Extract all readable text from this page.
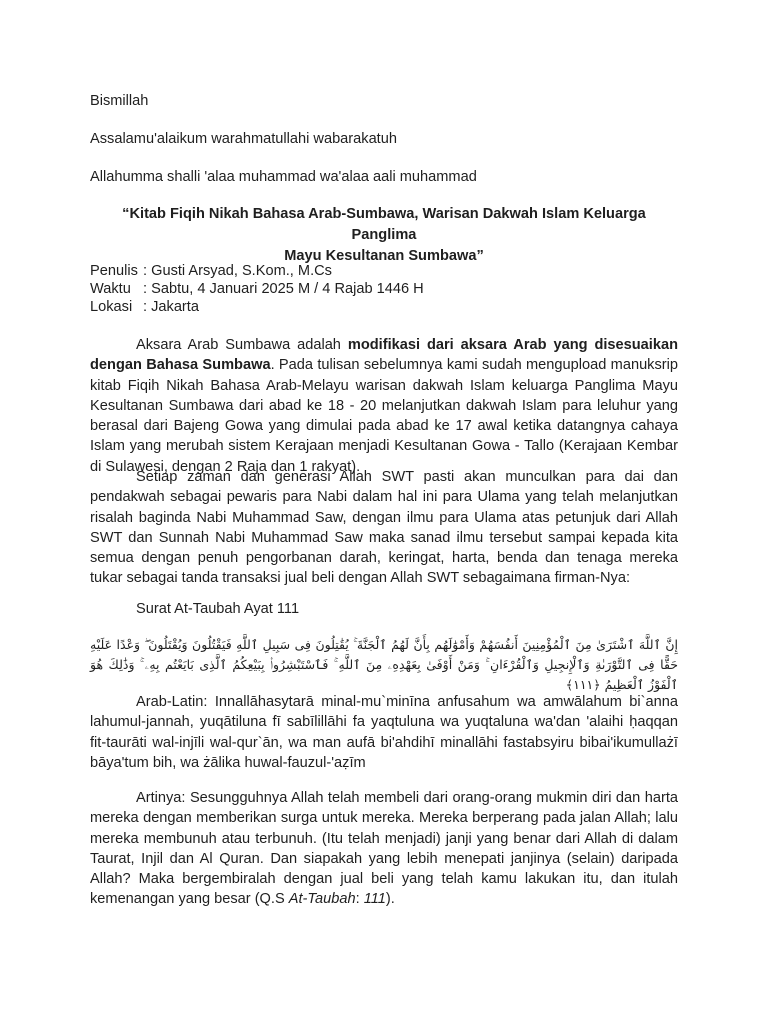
Bismillah
Assalamu'alaikum warahmatullahi wabarakatuh
Allahumma shalli 'alaa muhammad wa'alaa aali muhammad
“Kitab Fiqih Nikah Bahasa Arab-Sumbawa, Warisan Dakwah Islam Keluarga Panglima
Mayu Kesultanan Sumbawa”
Penulis : Gusti Arsyad, S.Kom., M.Cs
Waktu : Sabtu, 4 Januari 2025 M / 4 Rajab 1446 H
Lokasi : Jakarta
Aksara Arab Sumbawa adalah modifikasi dari aksara Arab yang disesuaikan dengan Bahasa Sumbawa. Pada tulisan sebelumnya kami sudah mengupload manuksrip kitab Fiqih Nikah Bahasa Arab-Melayu warisan dakwah Islam keluarga Panglima Mayu Kesultanan Sumbawa dari abad ke 18 - 20 melanjutkan dakwah Islam para leluhur yang berasal dari Bajeng Gowa yang dimulai pada abad ke 17 awal ketika datangnya cahaya Islam yang merubah sistem Kerajaan menjadi Kesultanan Gowa - Tallo (Kerajaan Kembar di Sulawesi, dengan 2 Raja dan 1 rakyat).
Setiap zaman dan generasi Allah SWT pasti akan munculkan para dai dan pendakwah sebagai pewaris para Nabi dalam hal ini para Ulama yang telah melanjutkan risalah baginda Nabi Muhammad Saw, dengan ilmu para Ulama atas petunjuk dari Allah SWT dan Sunnah Nabi Muhammad Saw maka sanad ilmu tersebut sampai kepada kita semua dengan penuh pengorbanan darah, keringat, harta, benda dan tenaga mereka tukar sebagai tanda transaksi jual beli dengan Allah SWT sebagaimana firman-Nya:
Surat At-Taubah Ayat 111
إِنَّ ٱللَّهَ ٱشْتَرَىٰ مِنَ ٱلْمُؤْمِنِينَ أَنفُسَهُمْ وَأَمْوَٰلَهُم بِأَنَّ لَهُمُ ٱلْجَنَّةَ ۚ يُقَٰتِلُونَ فِى سَبِيلِ ٱللَّهِ فَيَقْتُلُونَ وَيُقْتَلُونَ ۖ وَعْدًا عَلَيْهِ حَقًّا فِى ٱلتَّوْرَىٰةِ وَٱلْإِنجِيلِ وَٱلْقُرْءَانِ ۚ وَمَنْ أَوْفَىٰ بِعَهْدِهِۦ مِنَ ٱللَّهِ ۚ فَٱسْتَبْشِرُوا۟ بِبَيْعِكُمُ ٱلَّذِى بَايَعْتُم بِهِۦ ۚ وَذَٰلِكَ هُوَ ٱلْفَوْزُ ٱلْعَظِيمُ ﴿١١١﴾
Arab-Latin: Innallāhasytarā minal-mu`minīna anfusahum wa amwālahum bi`anna lahumul-jannah, yuqātiluna fī sabīlillāhi fa yaqtuluna wa yuqtaluna wa'dan 'alaihi ḥaqqan fit-taurāti wal-injīli wal-qur`ān, wa man aufā bi'ahdihī minallāhi fastabsyiru bibai'ikumullażī bāya'tum bih, wa żālika huwal-fauzul-'aẓīm
Artinya: Sesungguhnya Allah telah membeli dari orang-orang mukmin diri dan harta mereka dengan memberikan surga untuk mereka. Mereka berperang pada jalan Allah; lalu mereka membunuh atau terbunuh. (Itu telah menjadi) janji yang benar dari Allah di dalam Taurat, Injil dan Al Quran. Dan siapakah yang lebih menepati janjinya (selain) daripada Allah? Maka bergembiralah dengan jual beli yang telah kamu lakukan itu, dan itulah kemenangan yang besar (Q.S At-Taubah: 111).
